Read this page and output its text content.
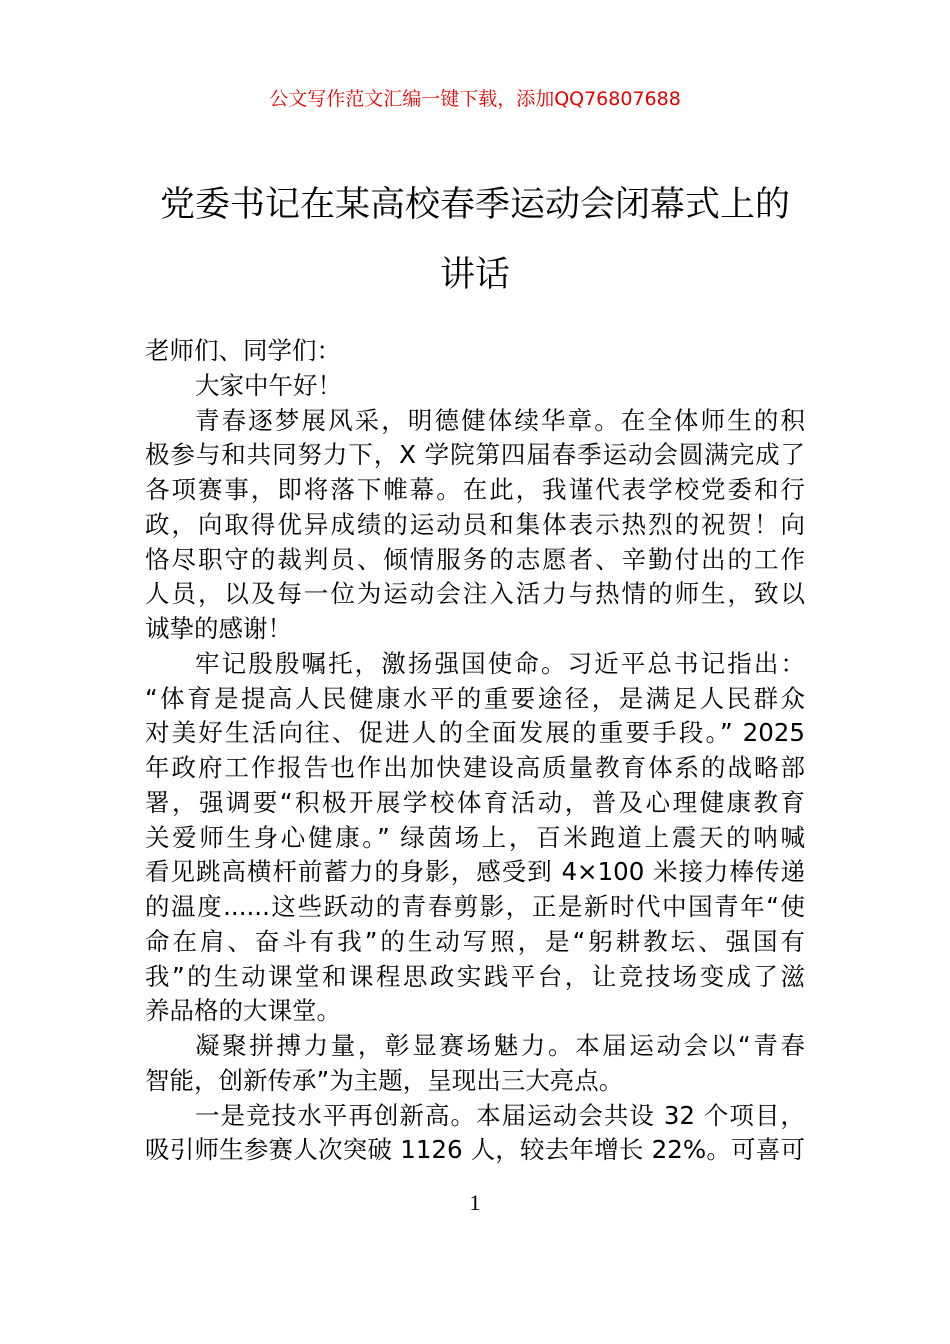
公文写作范文汇编一键下载，添加QQ76807688
党委书记在某高校春季运动会闭幕式上的
讲话
老师们、同学们：
大家中午好！
青春逐梦展风采，明德健体续华章。在全体师生的积
极参与和共同努力下，X 学院第四届春季运动会圆满完成了
各项赛事，即将落下帷幕。在此，我谨代表学校党委和行
政，向取得优异成绩的运动员和集体表示热烈的祝贺！向
恪尽职守的裁判员、倾情服务的志愿者、辛勤付出的工作
人员，以及每一位为运动会注入活力与热情的师生，致以
诚挚的感谢！
牢记殷殷嘱托，激扬强国使命。习近平总书记指出：
“体育是提高人民健康水平的重要途径，是满足人民群众
对美好生活向往、促进人的全面发展的重要手段。” 2025
年政府工作报告也作出加快建设高质量教育体系的战略部
署，强调要“积极开展学校体育活动，普及心理健康教育
关爱师生身心健康。” 绿茵场上，百米跑道上震天的呐喊
看见跳高横杆前蓄力的身影，感受到 4×100 米接力棒传递
的温度......这些跃动的青春剪影，正是新时代中国青年“使
命在肩、奋斗有我”的生动写照，是“躬耕教坛、强国有
我”的生动课堂和课程思政实践平台，让竞技场变成了滋
养品格的大课堂。
凝聚拼搏力量，彰显赛场魅力。本届运动会以“青春
智能，创新传承”为主题，呈现出三大亮点。
一是竞技水平再创新高。本届运动会共设 32 个项目，
吸引师生参赛人次突破 1126 人，较去年增长 22%。可喜可
1
